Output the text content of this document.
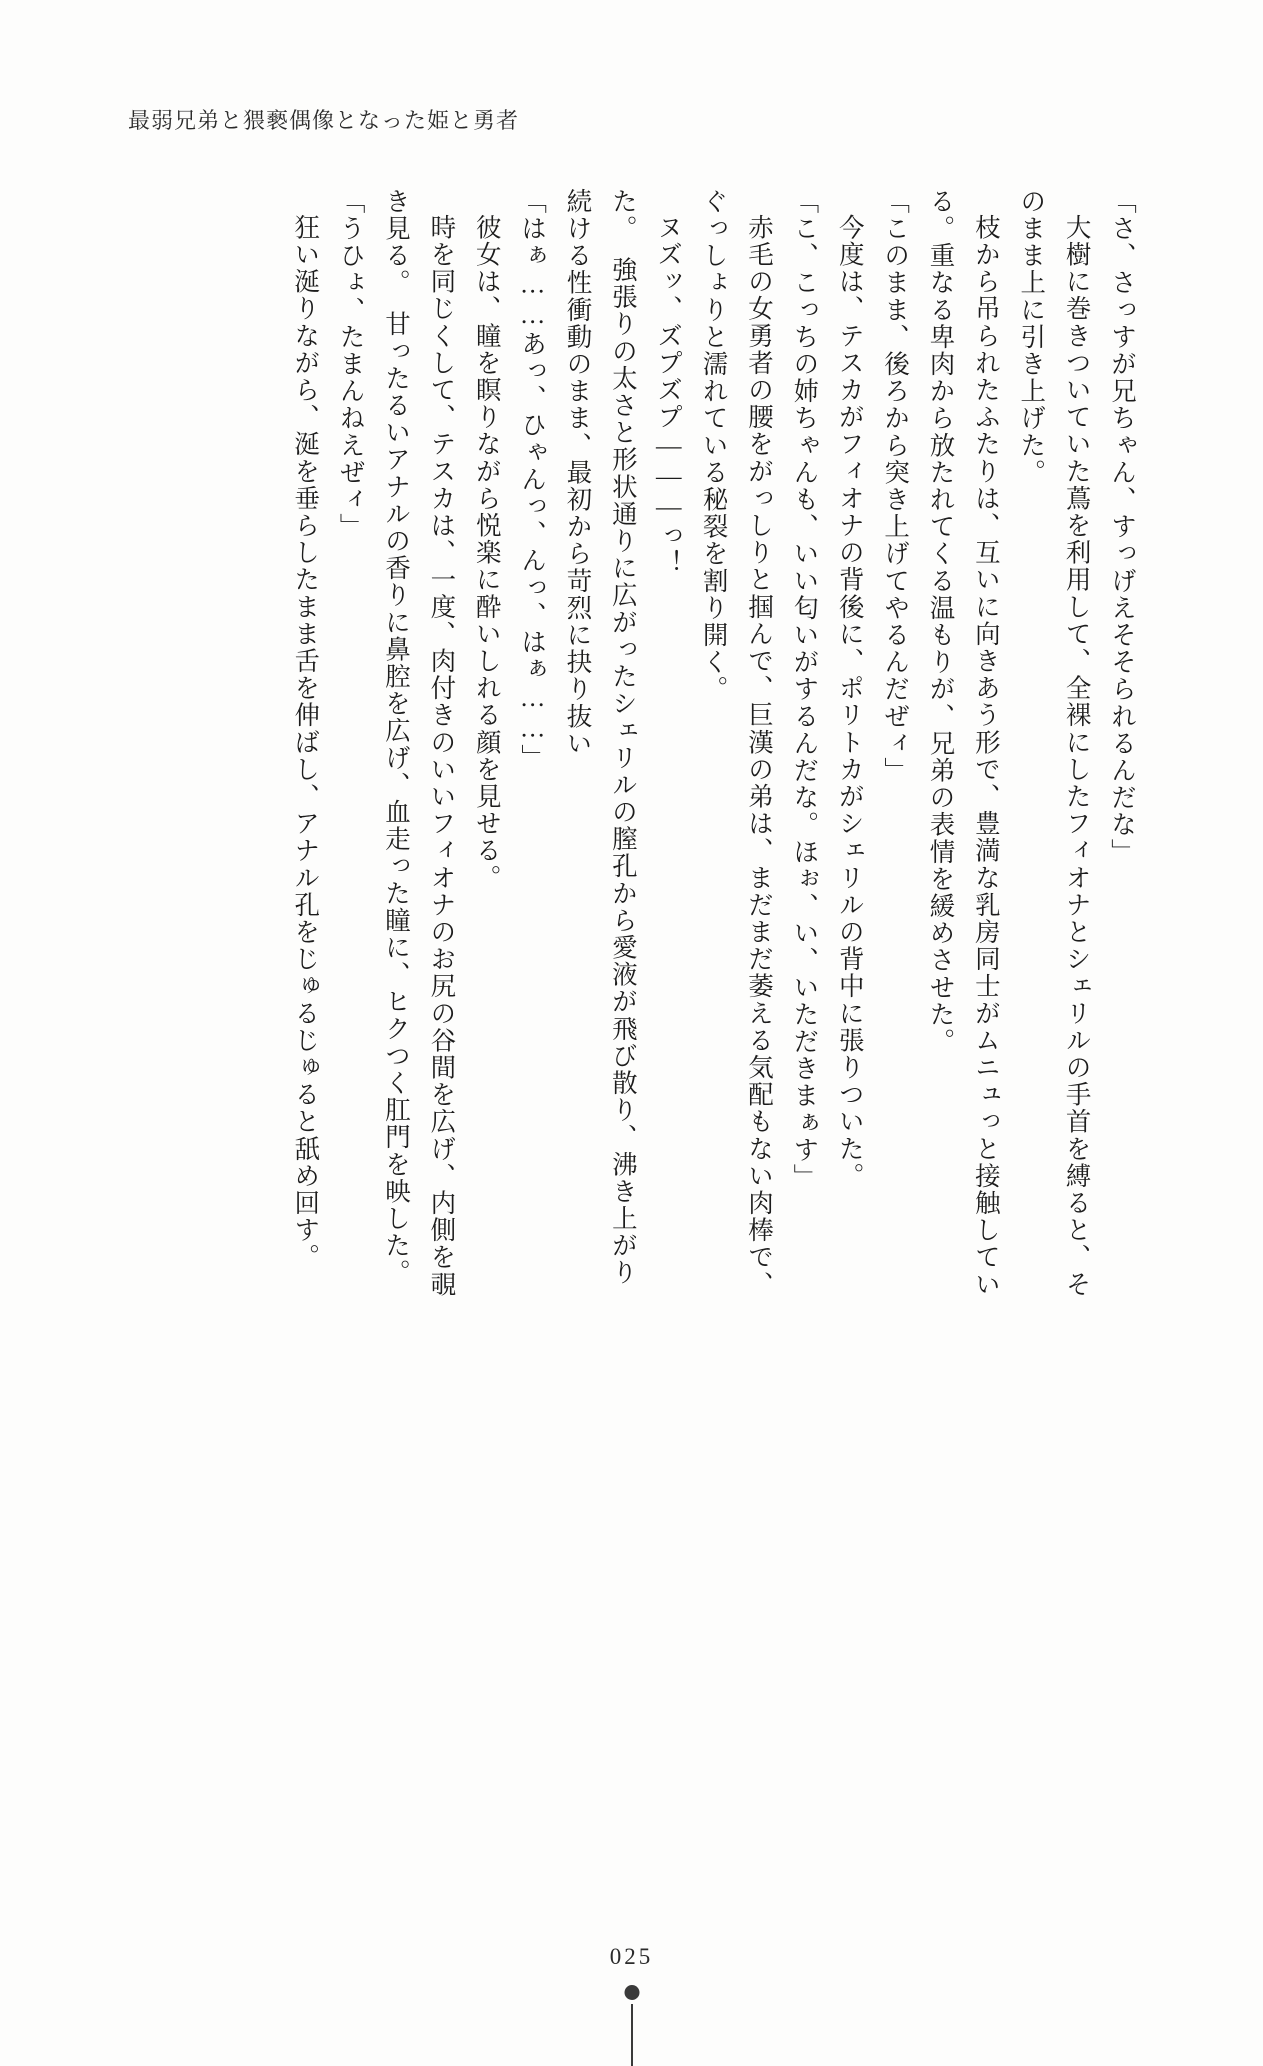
最弱兄弟と猥褻偶像となった姫と勇者

「さ、さっすが兄ちゃん、すっげえそそられるんだな」

大樹に巻きついていた蔦を利用して、全裸にしたフィオナとシェリルの手首を縛ると、そのまま上に引き上げた。

枝から吊られたふたりは、互いに向きあう形で、豊満な乳房同士がムニュっと接触している。重なる卑肉から放たれてくる温もりが、兄弟の表情を緩めさせた。

「このまま、後ろから突き上げてやるんだぜィ」

今度は、テスカがフィオナの背後に、ポリトカがシェリルの背中に張りついた。

「こ、こっちの姉ちゃんも、いい匂いがするんだな。ほぉ、い、いただきまぁす」

赤毛の女勇者の腰をがっしりと掴んで、巨漢の弟は、まだまだ萎える気配もない肉棒で、ぐっしょりと濡れている秘裂を割り開く。

ヌズッ、ズプズプ———っ！

た。　強張りの太さと形状通りに広がったシェリルの膣孔から愛液が飛び散り、沸き上がり続ける性衝動のまま、最初から苛烈に抉り抜い

「はぁ……あっ、ひゃんっ、んっ、はぁ……」

彼女は、瞳を瞑りながら悦楽に酔いしれる顔を見せる。

時を同じくして、テスカは、一度、肉付きのいいフィオナのお尻の谷間を広げ、内側を覗き見る。　甘ったるいアナルの香りに鼻腔を広げ、血走った瞳に、ヒクつく肛門を映した。

「うひょ、たまんねえぜィ」

狂い涎りながら、涎を垂らしたまま舌を伸ばし、アナル孔をじゅるじゅると舐め回す。

025
